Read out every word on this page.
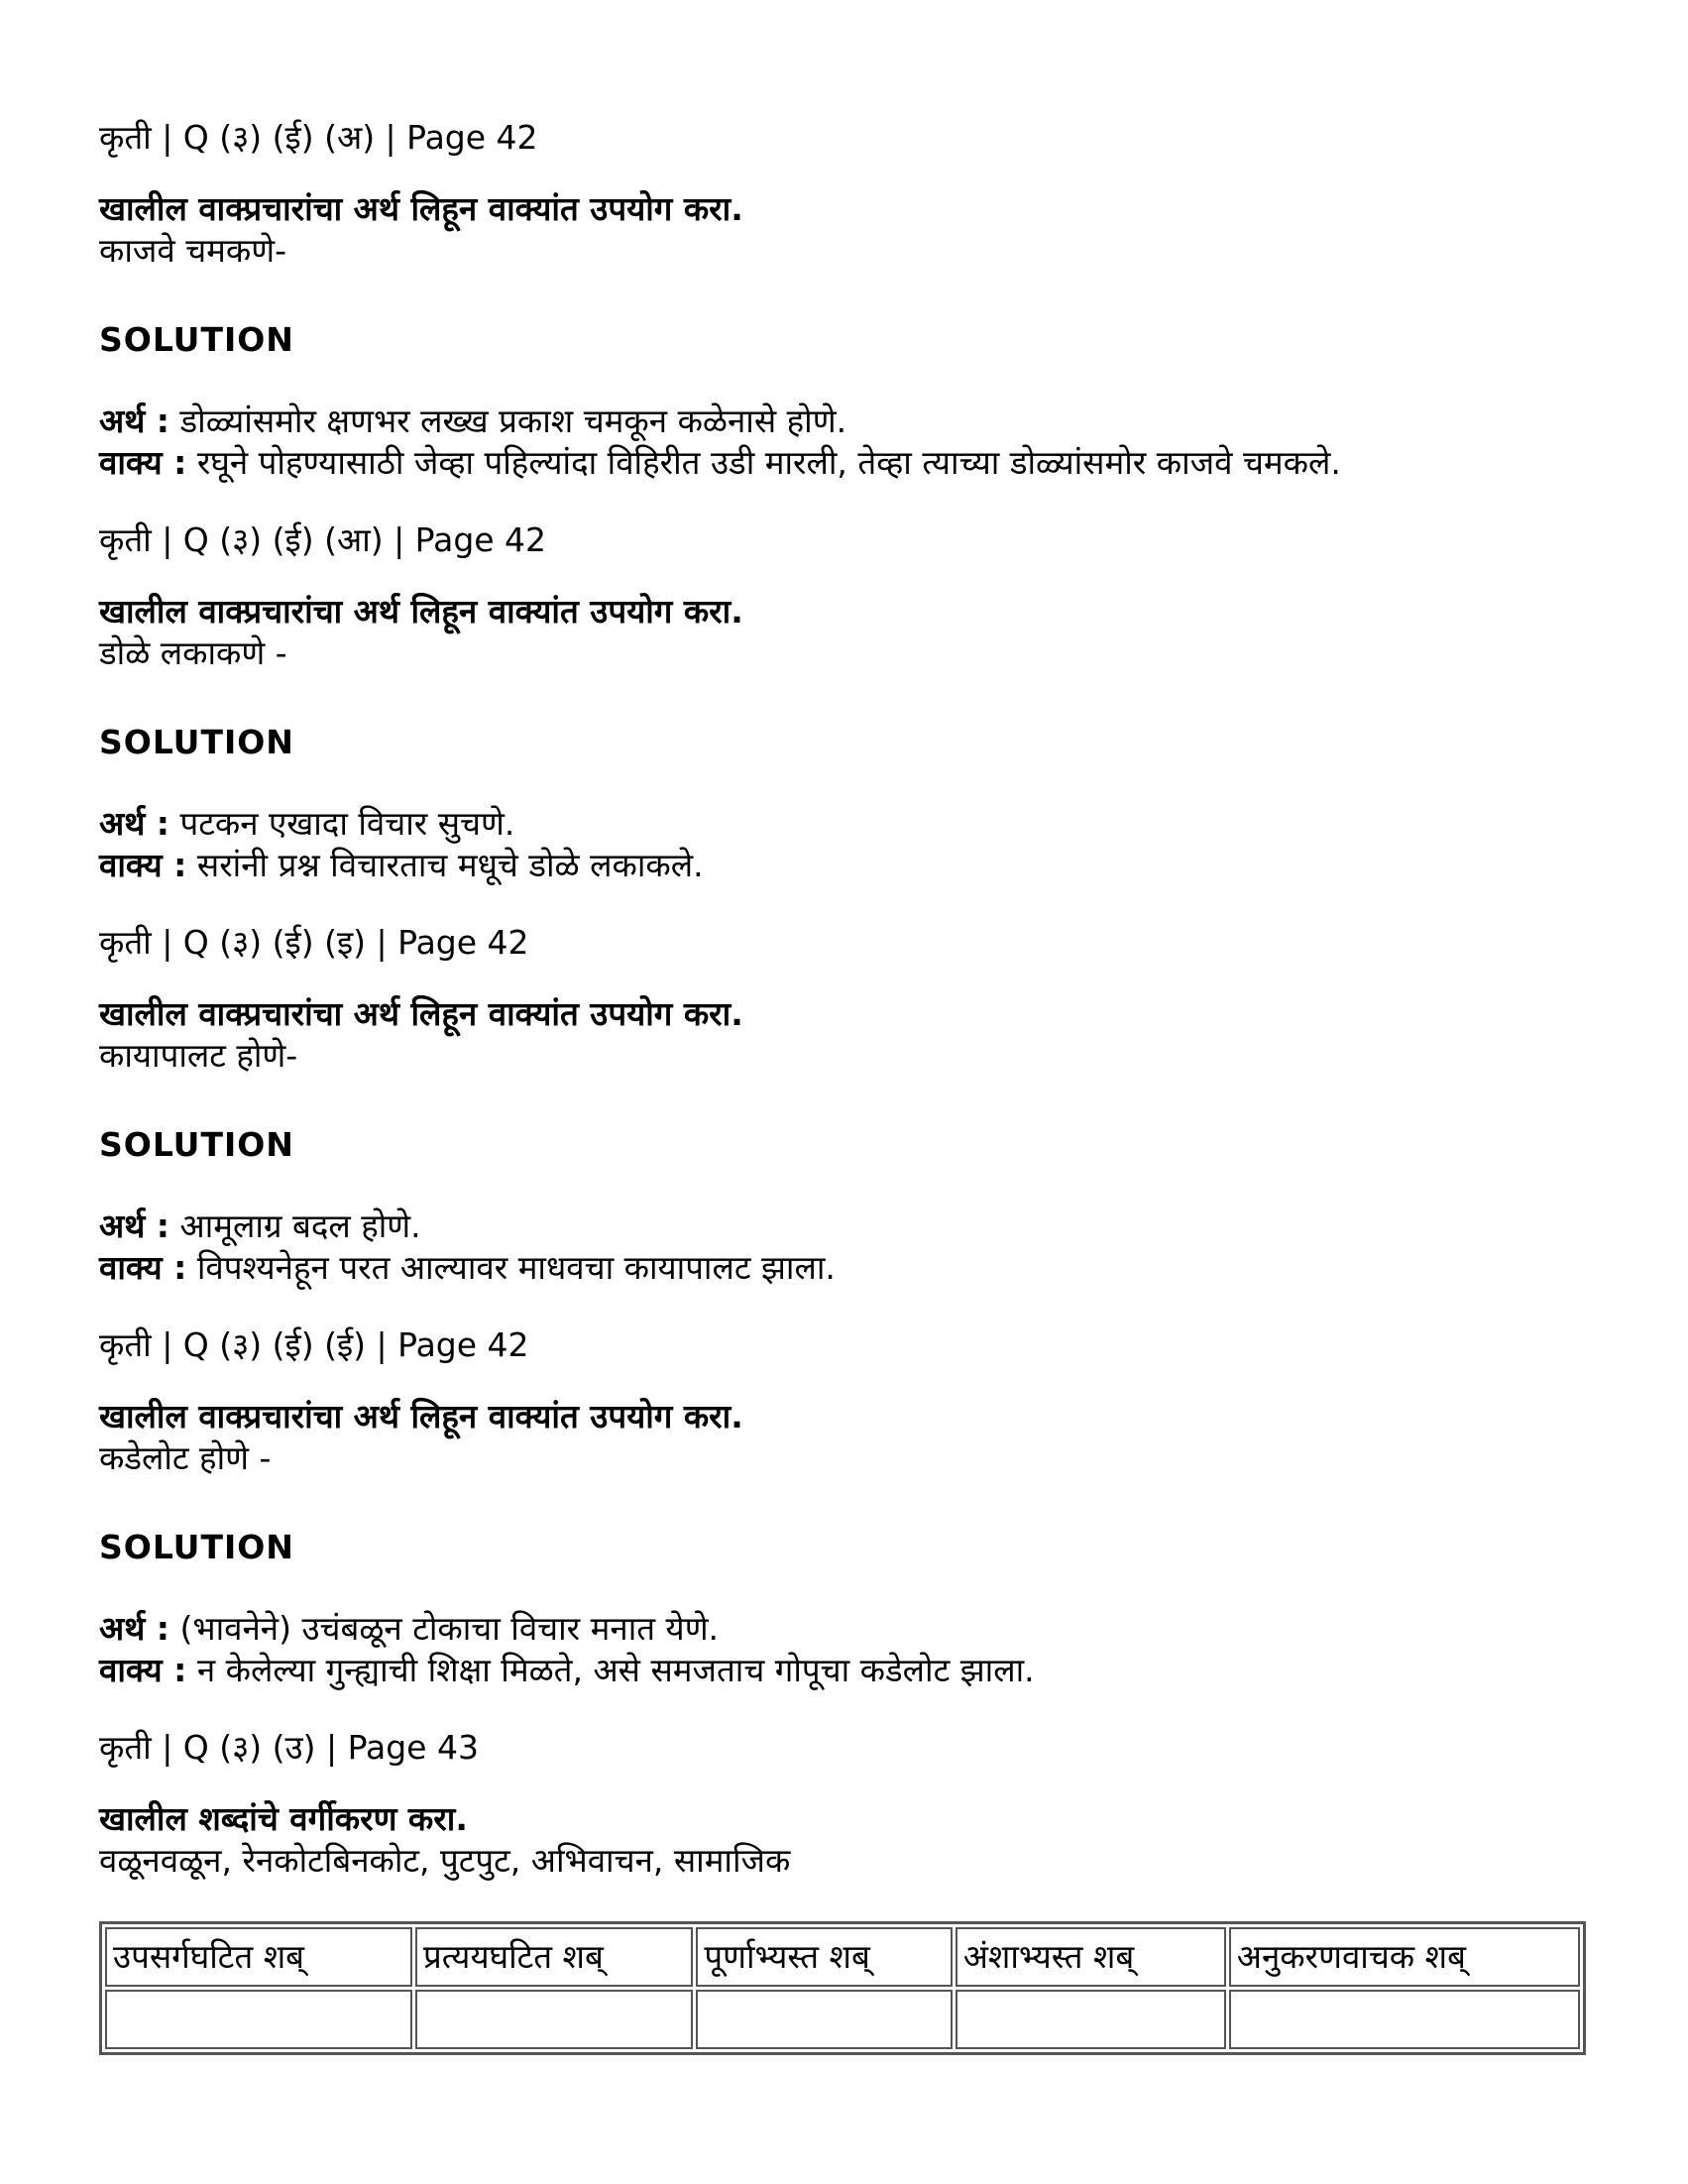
कृती | Q (३) (ई) (अ) | Page 42

खालील वाक्प्रचारांचा अर्थ लिहून वाक्यांत उपयोग करा.

काजवे चमकणे-

SOLUTION

अर्थ : डोळ्यांसमोर क्षणभर लख्ख प्रकाश चमकून कळेनासे होणे.

वाक्य : रघूने पोहण्यासाठी जेव्हा पहिल्यांदा विहिरीत उडी मारली, तेव्हा त्याच्या डोळ्यांसमोर काजवे चमकले.

कृती | Q (३) (ई) (आ) | Page 42

खालील वाक्प्रचारांचा अर्थ लिहून वाक्यांत उपयोग करा.

डोळे लकाकणे -

SOLUTION

अर्थ : पटकन एखादा विचार सुचणे.

वाक्य : सरांनी प्रश्न विचारताच मधूचे डोळे लकाकले.

कृती | Q (३) (ई) (इ) | Page 42

खालील वाक्प्रचारांचा अर्थ लिहून वाक्यांत उपयोग करा.

कायापालट होणे-

SOLUTION

अर्थ : आमूलाग्र बदल होणे.

वाक्य : विपश्यनेहून परत आल्यावर माधवचा कायापालट झाला.

कृती | Q (३) (ई) (ई) | Page 42

खालील वाक्प्रचारांचा अर्थ लिहून वाक्यांत उपयोग करा.

कडेलोट होणे -

SOLUTION

अर्थ : (भावनेने) उचंबळून टोकाचा विचार मनात येणे.

वाक्य : न केलेल्या गुन्ह्याची शिक्षा मिळते, असे समजताच गोपूचा कडेलोट झाला.

कृती | Q (३) (उ) | Page 43

खालील शब्दांचे वर्गीकरण करा.

वळूनवळून, रेनकोटबिनकोट, पुटपुट, अभिवाचन, सामाजिक

उपसर्गघटित शब्	प्रत्ययघटित शब्	पूर्णाभ्यस्त शब्	अंशाभ्यस्त शब्	अनुकरणवाचक शब्
